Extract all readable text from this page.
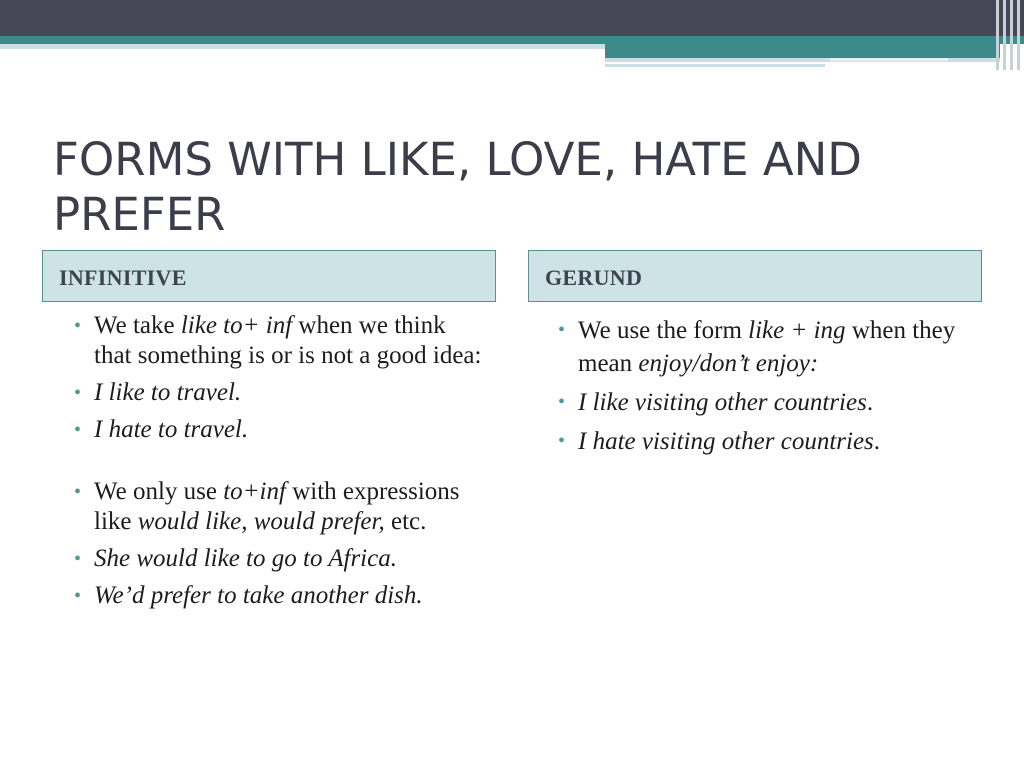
FORMS WITH LIKE, LOVE, HATE AND PREFER
INFINITIVE	GERUND
• We take like to+ inf when we think that something is or is not a good idea:
• I like to travel.
• I hate to travel.
• We only use to+inf with expressions like would like, would prefer, etc.
• She would like to go to Africa.
• We’d prefer to take another dish.
• We use the form like + ing when they mean enjoy/don’t enjoy:
• I like visiting other countries.
• I hate visiting other countries.
